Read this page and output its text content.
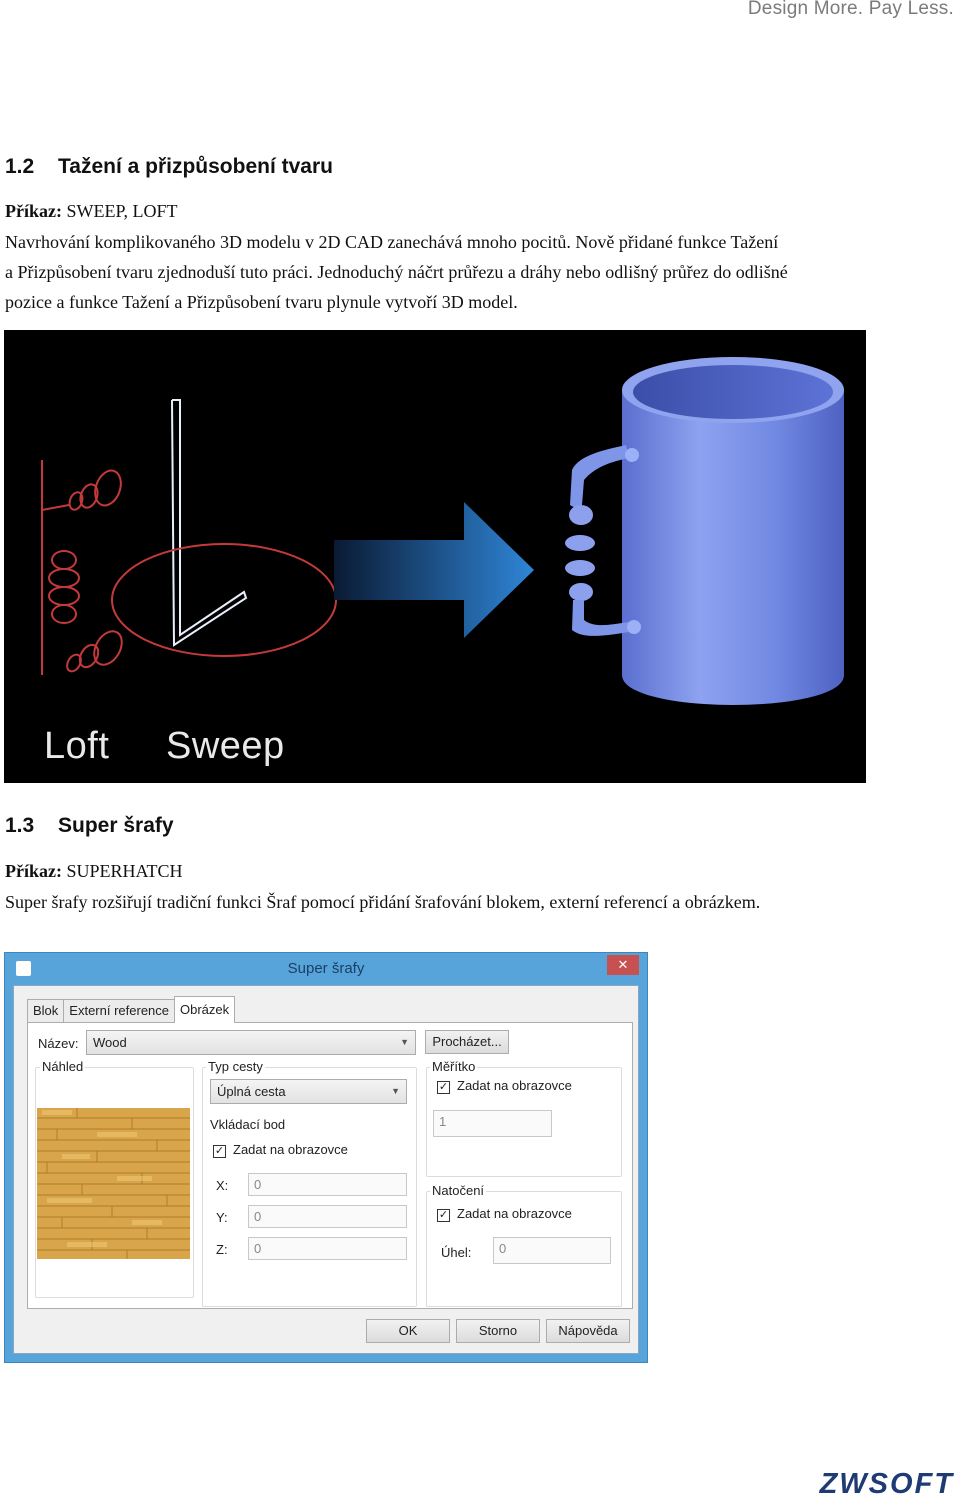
Design More. Pay Less.
1.2 Tažení a přizpůsobení tvaru
Příkaz: SWEEP, LOFT

Navrhování komplikovaného 3D modelu v 2D CAD zanechává mnoho pocitů. Nově přidané funkce Tažení

a Přizpůsobení tvaru zjednoduší tuto práci. Jednoduchý náčrt průřezu a dráhy nebo odlišný průřez do odlišné

pozice a funkce Tažení a Přizpůsobení tvaru plynule vytvoří 3D model.

Loft Sweep
1.3 Super šrafy
Příkaz: SUPERHATCH

Super šrafy rozšiřují tradiční funkci Šraf pomocí přidání šrafování blokem, externí referencí a obrázkem.

Super šrafy	✕
Blok Externí reference Obrázek
Název:	Wood	▼	Procházet...
Náhled	Typ cesty
Úplná cesta	▼
Vkládací bod
✓ Zadat na obrazovce
X:	0
Y:	0
Z:	0
Měřítko
✓ Zadat na obrazovce
1
Natočení
✓ Zadat na obrazovce
Úhel:	0
OK	Storno	Nápověda
ZWSOFT
